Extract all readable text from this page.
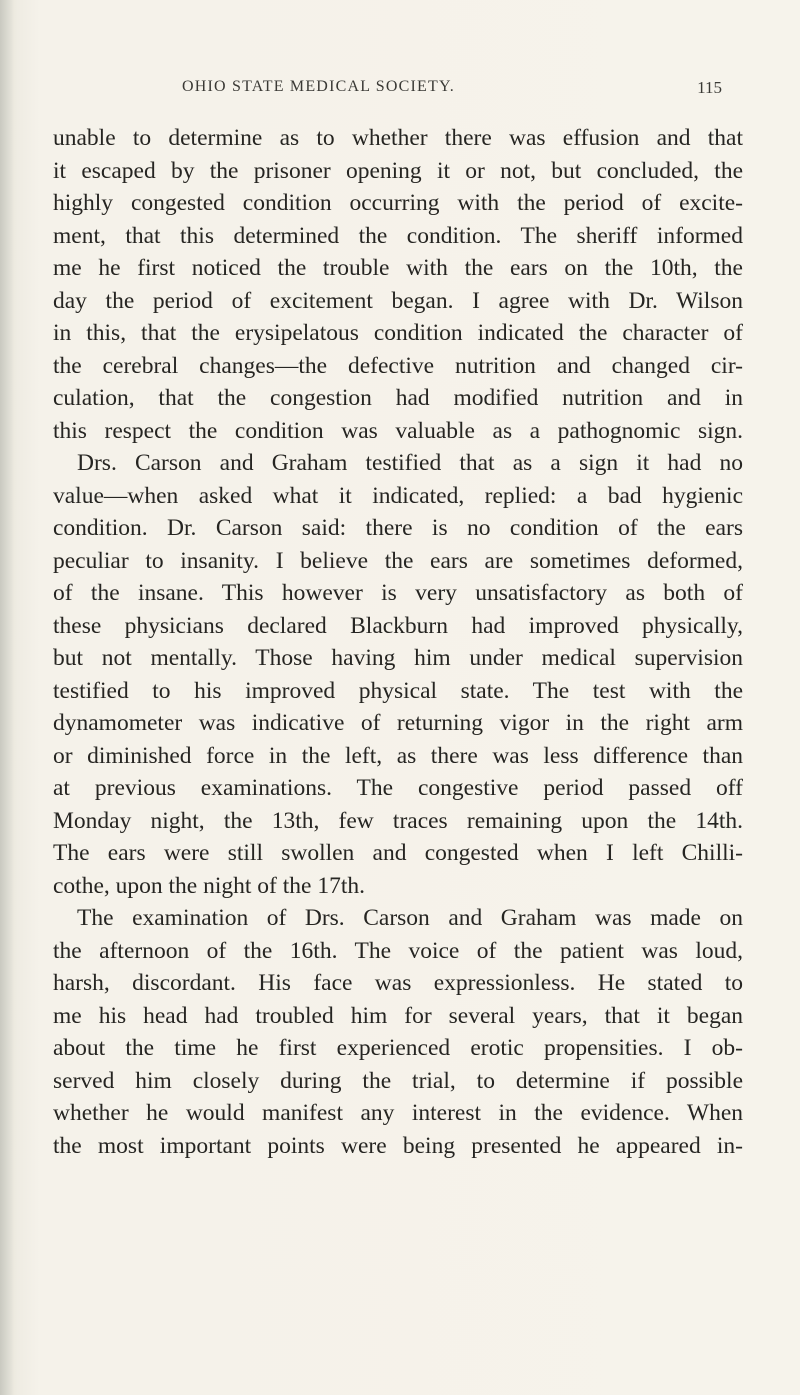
OHIO STATE MEDICAL SOCIETY.	115
unable to determine as to whether there was effusion and that
it escaped by the prisoner opening it or not, but concluded, the
highly congested condition occurring with the period of excite-
ment, that this determined the condition. The sheriff informed
me he first noticed the trouble with the ears on the 10th, the
day the period of excitement began. I agree with Dr. Wilson
in this, that the erysipelatous condition indicated the character of
the cerebral changes—the defective nutrition and changed cir-
culation, that the congestion had modified nutrition and in
this respect the condition was valuable as a pathognomic sign.
Drs. Carson and Graham testified that as a sign it had no
value—when asked what it indicated, replied: a bad hygienic
condition. Dr. Carson said: there is no condition of the ears
peculiar to insanity. I believe the ears are sometimes deformed,
of the insane. This however is very unsatisfactory as both of
these physicians declared Blackburn had improved physically,
but not mentally. Those having him under medical supervision
testified to his improved physical state. The test with the
dynamometer was indicative of returning vigor in the right arm
or diminished force in the left, as there was less difference than
at previous examinations. The congestive period passed off
Monday night, the 13th, few traces remaining upon the 14th.
The ears were still swollen and congested when I left Chilli-
cothe, upon the night of the 17th.
The examination of Drs. Carson and Graham was made on
the afternoon of the 16th. The voice of the patient was loud,
harsh, discordant. His face was expressionless. He stated to
me his head had troubled him for several years, that it began
about the time he first experienced erotic propensities. I ob-
served him closely during the trial, to determine if possible
whether he would manifest any interest in the evidence. When
the most important points were being presented he appeared in-
